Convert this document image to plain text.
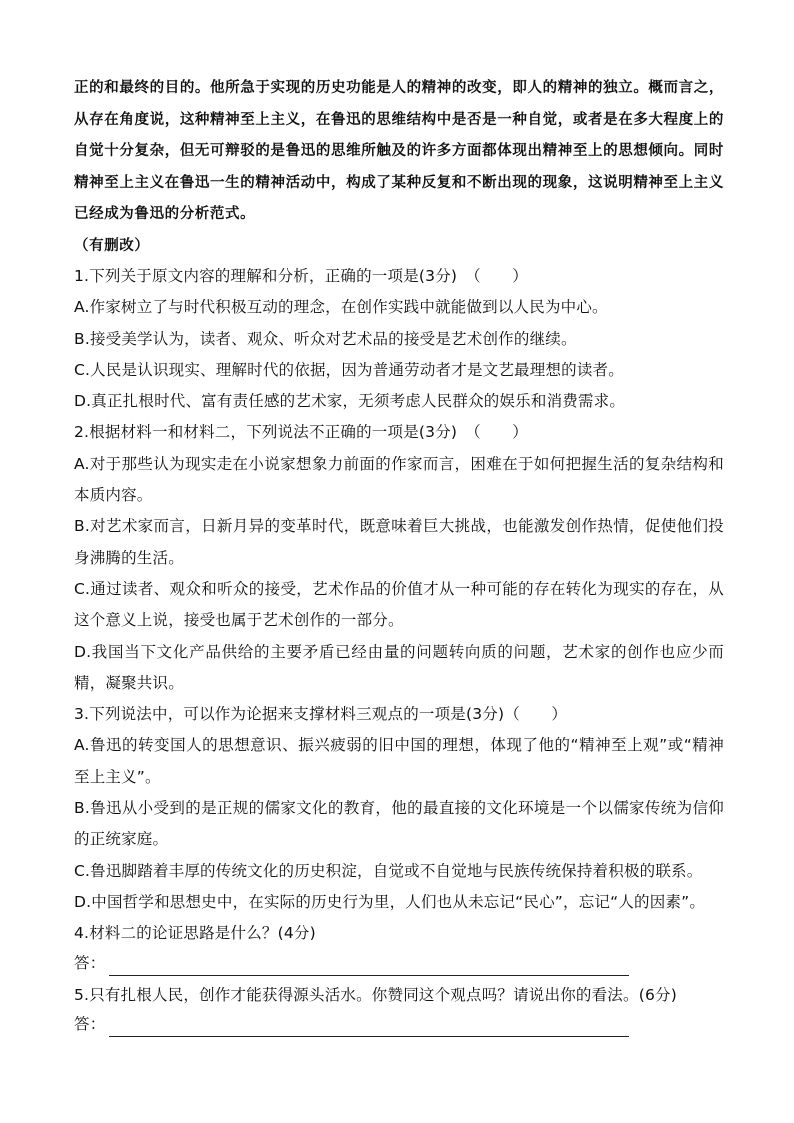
正的和最终的目的。他所急于实现的历史功能是人的精神的改变，即人的精神的独立。概而言之，从存在角度说，这种精神至上主义，在鲁迅的思维结构中是否是一种自觉，或者是在多大程度上的自觉十分复杂，但无可辩驳的是鲁迅的思维所触及的许多方面都体现出精神至上的思想倾向。同时精神至上主义在鲁迅一生的精神活动中，构成了某种反复和不断出现的现象，这说明精神至上主义已经成为鲁迅的分析范式。

（有删改）

1.下列关于原文内容的理解和分析，正确的一项是(3分)　（　　）

A.作家树立了与时代积极互动的理念，在创作实践中就能做到以人民为中心。

B.接受美学认为，读者、观众、听众对艺术品的接受是艺术创作的继续。

C.人民是认识现实、理解时代的依据，因为普通劳动者才是文艺最理想的读者。

D.真正扎根时代、富有责任感的艺术家，无须考虑人民群众的娱乐和消费需求。

2.根据材料一和材料二，下列说法不正确的一项是(3分)　（　　）

A.对于那些认为现实走在小说家想象力前面的作家而言，困难在于如何把握生活的复杂结构和本质内容。

B.对艺术家而言，日新月异的变革时代，既意味着巨大挑战，也能激发创作热情，促使他们投身沸腾的生活。

C.通过读者、观众和听众的接受，艺术作品的价值才从一种可能的存在转化为现实的存在，从这个意义上说，接受也属于艺术创作的一部分。

D.我国当下文化产品供给的主要矛盾已经由量的问题转向质的问题，艺术家的创作也应少而精，凝聚共识。

3.下列说法中，可以作为论据来支撑材料三观点的一项是(3分)（　　）

A.鲁迅的转变国人的思想意识、振兴疲弱的旧中国的理想，体现了他的“精神至上观”或“精神至上主义”。

B.鲁迅从小受到的是正规的儒家文化的教育，他的最直接的文化环境是一个以儒家传统为信仰的正统家庭。

C.鲁迅脚踏着丰厚的传统文化的历史积淀，自觉或不自觉地与民族传统保持着积极的联系。

D.中国哲学和思想史中，在实际的历史行为里，人们也从未忘记“民心”，忘记“人的因素”。

4.材料二的论证思路是什么？(4分)

答：

5.只有扎根人民，创作才能获得源头活水。你赞同这个观点吗？请说出你的看法。(6分)

答：
